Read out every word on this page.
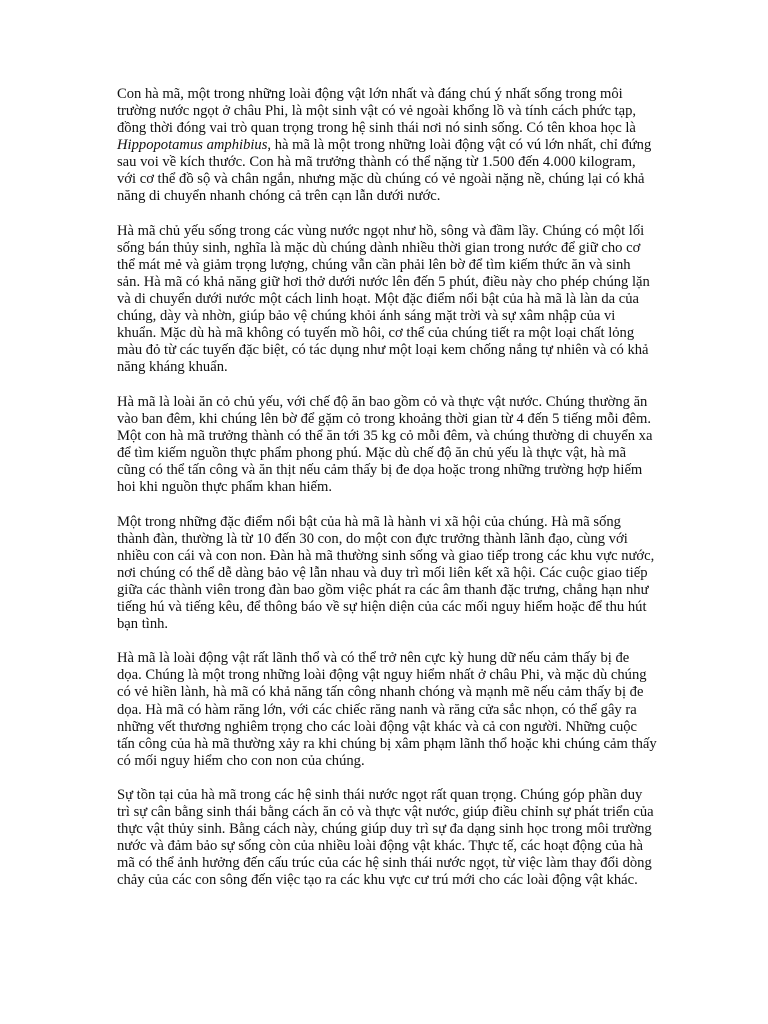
Con hà mã, một trong những loài động vật lớn nhất và đáng chú ý nhất sống trong môi trường nước ngọt ở châu Phi, là một sinh vật có vẻ ngoài khổng lồ và tính cách phức tạp, đồng thời đóng vai trò quan trọng trong hệ sinh thái nơi nó sinh sống. Có tên khoa học là Hippopotamus amphibius, hà mã là một trong những loài động vật có vú lớn nhất, chỉ đứng sau voi về kích thước. Con hà mã trưởng thành có thể nặng từ 1.500 đến 4.000 kilogram, với cơ thể đồ sộ và chân ngắn, nhưng mặc dù chúng có vẻ ngoài nặng nề, chúng lại có khả năng di chuyển nhanh chóng cả trên cạn lẫn dưới nước.

Hà mã chủ yếu sống trong các vùng nước ngọt như hồ, sông và đầm lầy. Chúng có một lối sống bán thủy sinh, nghĩa là mặc dù chúng dành nhiều thời gian trong nước để giữ cho cơ thể mát mẻ và giảm trọng lượng, chúng vẫn cần phải lên bờ để tìm kiếm thức ăn và sinh sản. Hà mã có khả năng giữ hơi thở dưới nước lên đến 5 phút, điều này cho phép chúng lặn và di chuyển dưới nước một cách linh hoạt. Một đặc điểm nổi bật của hà mã là làn da của chúng, dày và nhờn, giúp bảo vệ chúng khỏi ánh sáng mặt trời và sự xâm nhập của vi khuẩn. Mặc dù hà mã không có tuyến mồ hôi, cơ thể của chúng tiết ra một loại chất lỏng màu đỏ từ các tuyến đặc biệt, có tác dụng như một loại kem chống nắng tự nhiên và có khả năng kháng khuẩn.

Hà mã là loài ăn cỏ chủ yếu, với chế độ ăn bao gồm cỏ và thực vật nước. Chúng thường ăn vào ban đêm, khi chúng lên bờ để gặm cỏ trong khoảng thời gian từ 4 đến 5 tiếng mỗi đêm. Một con hà mã trưởng thành có thể ăn tới 35 kg cỏ mỗi đêm, và chúng thường di chuyển xa để tìm kiếm nguồn thực phẩm phong phú. Mặc dù chế độ ăn chủ yếu là thực vật, hà mã cũng có thể tấn công và ăn thịt nếu cảm thấy bị đe dọa hoặc trong những trường hợp hiếm hoi khi nguồn thực phẩm khan hiếm.

Một trong những đặc điểm nổi bật của hà mã là hành vi xã hội của chúng. Hà mã sống thành đàn, thường là từ 10 đến 30 con, do một con đực trưởng thành lãnh đạo, cùng với nhiều con cái và con non. Đàn hà mã thường sinh sống và giao tiếp trong các khu vực nước, nơi chúng có thể dễ dàng bảo vệ lẫn nhau và duy trì mối liên kết xã hội. Các cuộc giao tiếp giữa các thành viên trong đàn bao gồm việc phát ra các âm thanh đặc trưng, chẳng hạn như tiếng hú và tiếng kêu, để thông báo về sự hiện diện của các mối nguy hiểm hoặc để thu hút bạn tình.

Hà mã là loài động vật rất lãnh thổ và có thể trở nên cực kỳ hung dữ nếu cảm thấy bị đe dọa. Chúng là một trong những loài động vật nguy hiểm nhất ở châu Phi, và mặc dù chúng có vẻ hiền lành, hà mã có khả năng tấn công nhanh chóng và mạnh mẽ nếu cảm thấy bị đe dọa. Hà mã có hàm răng lớn, với các chiếc răng nanh và răng cửa sắc nhọn, có thể gây ra những vết thương nghiêm trọng cho các loài động vật khác và cả con người. Những cuộc tấn công của hà mã thường xảy ra khi chúng bị xâm phạm lãnh thổ hoặc khi chúng cảm thấy có mối nguy hiểm cho con non của chúng.

Sự tồn tại của hà mã trong các hệ sinh thái nước ngọt rất quan trọng. Chúng góp phần duy trì sự cân bằng sinh thái bằng cách ăn cỏ và thực vật nước, giúp điều chỉnh sự phát triển của thực vật thủy sinh. Bằng cách này, chúng giúp duy trì sự đa dạng sinh học trong môi trường nước và đảm bảo sự sống còn của nhiều loài động vật khác. Thực tế, các hoạt động của hà mã có thể ảnh hưởng đến cấu trúc của các hệ sinh thái nước ngọt, từ việc làm thay đổi dòng chảy của các con sông đến việc tạo ra các khu vực cư trú mới cho các loài động vật khác.
